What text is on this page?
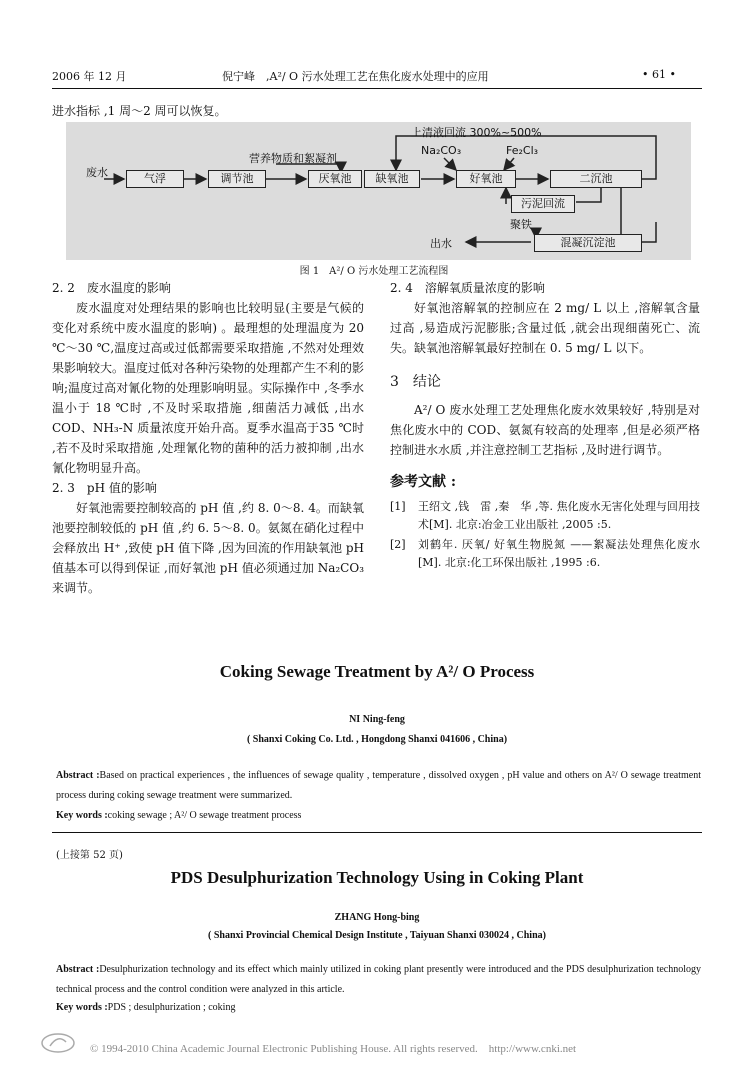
2006 年 12 月	倪宁峰　,A²/ O 污水处理工艺在焦化废水处理中的应用	• 61 •
进水指标 ,1 周～2 周可以恢复。
废水	气浮	调节池
营养物质和絮凝剂
厌氧池	缺氧池
上清液回流 300%~500%
Na₂CO₃	Fe₂Cl₃
好氧池	二沉池
污泥回流
聚铁
混凝沉淀池
出水
图 1　A²/ O 污水处理工艺流程图
2. 2　废水温度的影响

废水温度对处理结果的影响也比较明显(主要是气候的变化对系统中废水温度的影响) 。最理想的处理温度为 20 ℃～30 ℃,温度过高或过低都需要采取措施 ,不然对处理效果影响较大。温度过低对各种污染物的处理都产生不利的影响;温度过高对氰化物的处理影响明显。实际操作中 ,冬季水温小于 18 ℃时 ,不及时采取措施 ,细菌活力减低 ,出水COD、NH₃-N 质量浓度开始升高。夏季水温高于35 ℃时 ,若不及时采取措施 ,处理氰化物的菌种的活力被抑制 ,出水氰化物明显升高。

2. 3　pH 值的影响

好氧池需要控制较高的 pH 值 ,约 8. 0～8. 4。而缺氧池要控制较低的 pH 值 ,约 6. 5～8. 0。氨氮在硝化过程中会释放出 H⁺ ,致使 pH 值下降 ,因为回流的作用缺氧池 pH 值基本可以得到保证 ,而好氧池 pH 值必须通过加 Na₂CO₃ 来调节。

2. 4　溶解氧质量浓度的影响

好氧池溶解氧的控制应在 2 mg/ L 以上 ,溶解氧含量过高 ,易造成污泥膨胀;含量过低 ,就会出现细菌死亡、流失。缺氧池溶解氧最好控制在 0. 5 mg/ L 以下。

3　结论

A²/ O 废水处理工艺处理焦化废水效果较好 ,特别是对焦化废水中的 COD、氨氮有较高的处理率 ,但是必须严格控制进水水质 ,并注意控制工艺指标 ,及时进行调节。

参考文献 :
[1]	王绍文 ,钱　雷 ,秦　华 ,等. 焦化废水无害化处理与回用技术[M]. 北京:冶金工业出版社 ,2005 :5.
[2]	刘鹤年. 厌氧/ 好氧生物脱氮 ——絮凝法处理焦化废水[M]. 北京:化工环保出版社 ,1995 :6.
Coking Sewage Treatment by A²/ O Process
NI Ning-feng
( Shanxi Coking Co. Ltd. , Hongdong Shanxi 041606 , China)
Abstract :Based on practical experiences , the influences of sewage quality , temperature , dissolved oxygen , pH value and others on A²/ O sewage treatment process during coking sewage treatment were summarized.
Key words :coking sewage ; A²/ O sewage treatment process
(上接第 52 页)
PDS Desulphurization Technology Using in Coking Plant
ZHANG Hong-bing
( Shanxi Provincial Chemical Design Institute , Taiyuan Shanxi 030024 , China)
Abstract :Desulphurization technology and its effect which mainly utilized in coking plant presently were introduced and the PDS desulphurization technology technical process and the control condition were analyzed in this article.
Key words :PDS ; desulphurization ; coking
© 1994-2010 China Academic Journal Electronic Publishing House. All rights reserved.　http://www.cnki.net
